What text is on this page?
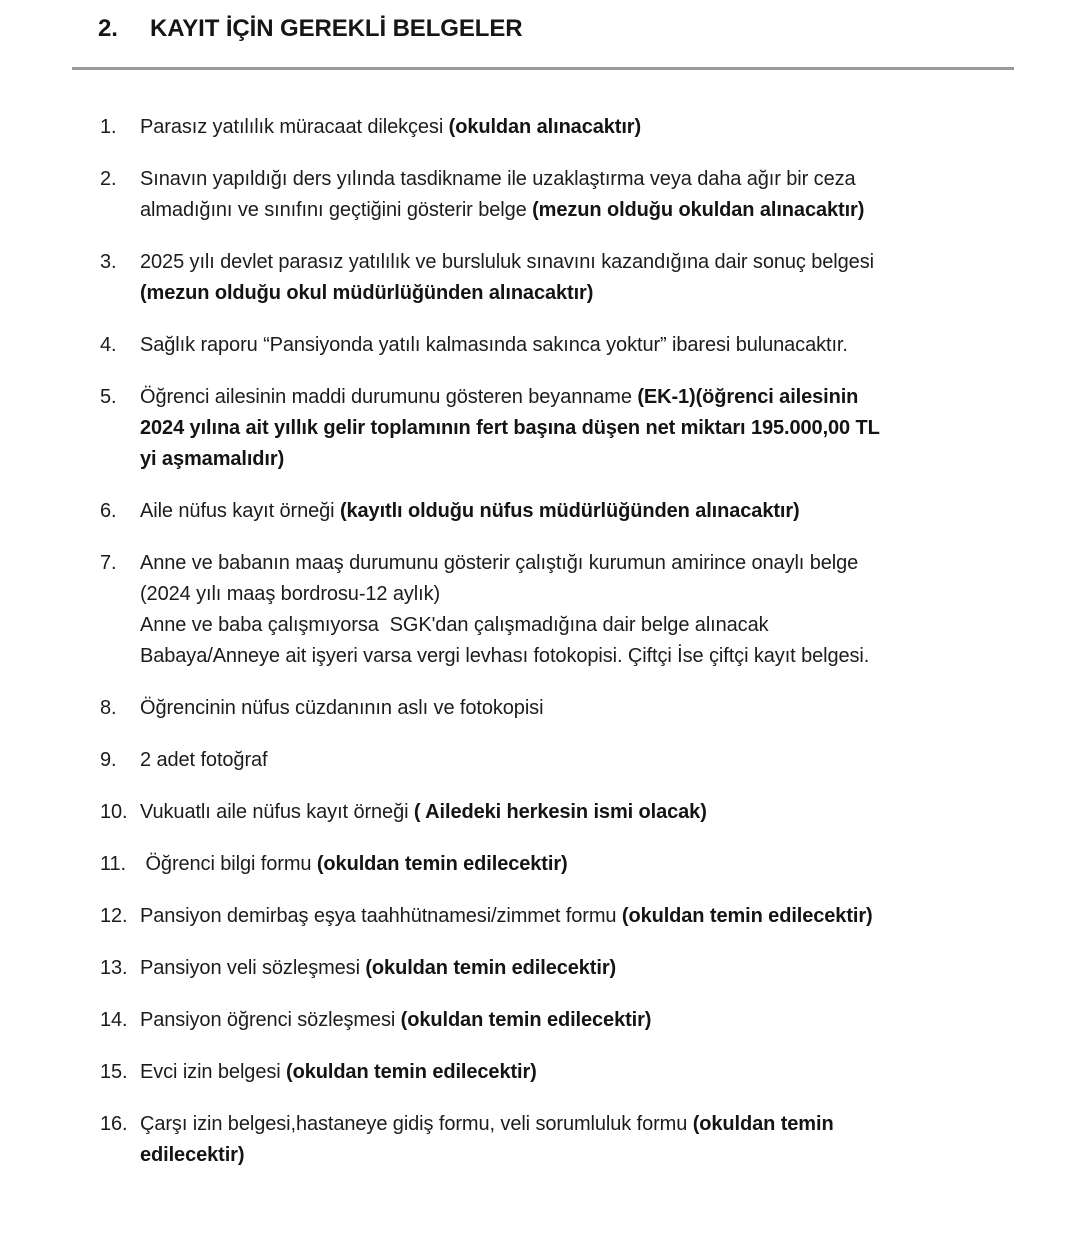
2.	KAYIT İÇİN GEREKLİ BELGELER
1.	Parasız yatılılık müracaat dilekçesi (okuldan alınacaktır)
2.	Sınavın yapıldığı ders yılında tasdikname ile uzaklaştırma veya daha ağır bir ceza
almadığını ve sınıfını geçtiğini gösterir belge (mezun olduğu okuldan alınacaktır)
3.	2025 yılı devlet parasız yatılılık ve bursluluk sınavını kazandığına dair sonuç belgesi
(mezun olduğu okul müdürlüğünden alınacaktır)
4.	Sağlık raporu “Pansiyonda yatılı kalmasında sakınca yoktur” ibaresi bulunacaktır.
5.	Öğrenci ailesinin maddi durumunu gösteren beyanname (EK-1)(öğrenci ailesinin
2024 yılına ait yıllık gelir toplamının fert başına düşen net miktarı 195.000,00 TL
yi aşmamalıdır)
6.	Aile nüfus kayıt örneği (kayıtlı olduğu nüfus müdürlüğünden alınacaktır)
7.	Anne ve babanın maaş durumunu gösterir çalıştığı kurumun amirince onaylı belge
(2024 yılı maaş bordrosu-12 aylık)
Anne ve baba çalışmıyorsa  SGK'dan çalışmadığına dair belge alınacak
Babaya/Anneye ait işyeri varsa vergi levhası fotokopisi. Çiftçi İse çiftçi kayıt belgesi.
8.	Öğrencinin nüfus cüzdanının aslı ve fotokopisi
9.	2 adet fotoğraf
10. Vukuatlı aile nüfus kayıt örneği ( Ailedeki herkesin ismi olacak)
11. Öğrenci bilgi formu (okuldan temin edilecektir)
12. Pansiyon demirbaş eşya taahhütnamesi/zimmet formu (okuldan temin edilecektir)
13. Pansiyon veli sözleşmesi (okuldan temin edilecektir)
14. Pansiyon öğrenci sözleşmesi (okuldan temin edilecektir)
15. Evci izin belgesi (okuldan temin edilecektir)
16. Çarşı izin belgesi,hastaneye gidiş formu, veli sorumluluk formu (okuldan temin
edilecektir)
